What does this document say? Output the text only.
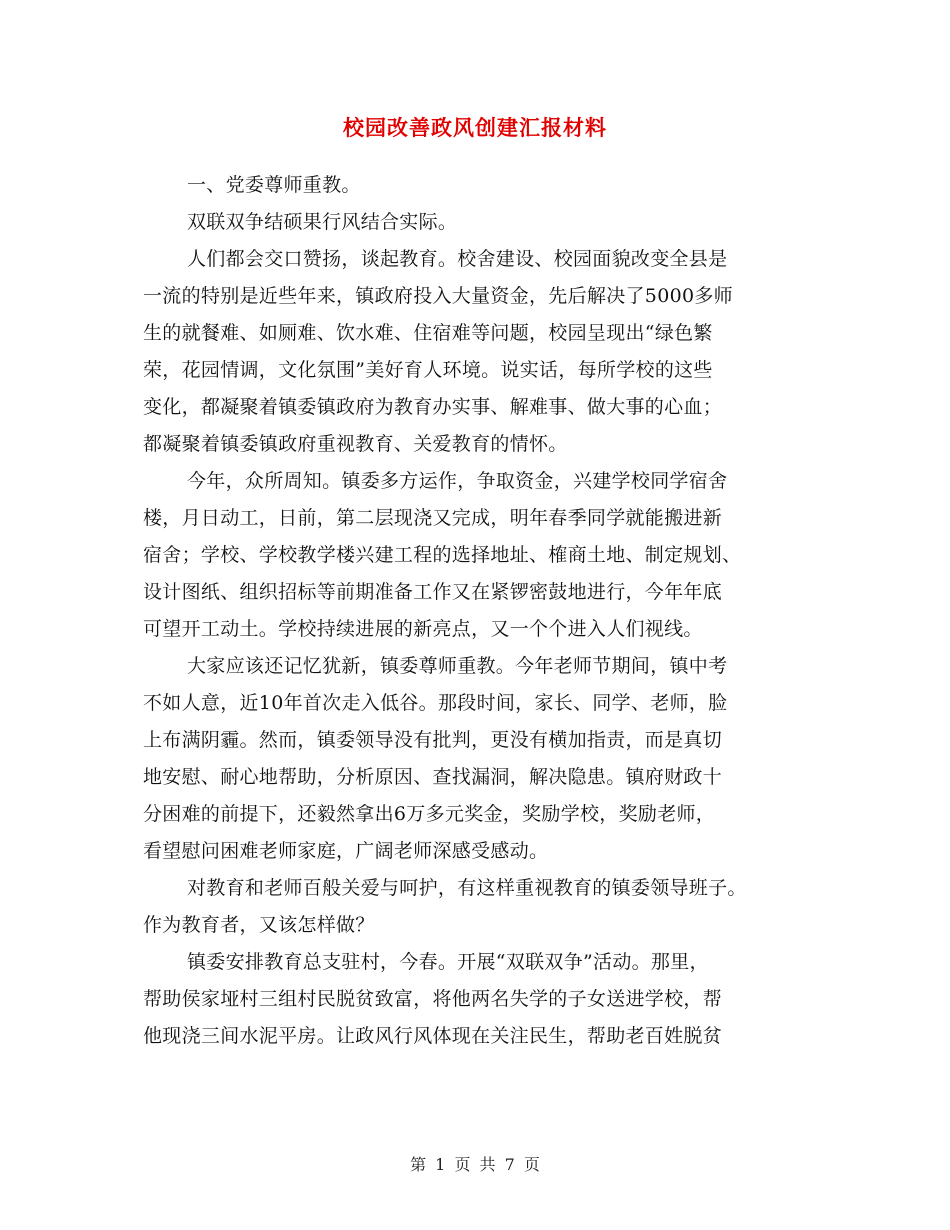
校园改善政风创建汇报材料
一、党委尊师重教。
双联双争结硕果行风结合实际。
人们都会交口赞扬，谈起教育。校舍建设、校园面貌改变全县是
一流的特别是近些年来，镇政府投入大量资金，先后解决了5000多师
生的就餐难、如厕难、饮水难、住宿难等问题，校园呈现出“绿色繁
荣，花园情调，文化氛围”美好育人环境。说实话，每所学校的这些
变化，都凝聚着镇委镇政府为教育办实事、解难事、做大事的心血；
都凝聚着镇委镇政府重视教育、关爱教育的情怀。
今年，众所周知。镇委多方运作，争取资金，兴建学校同学宿舍
楼，月日动工，日前，第二层现浇又完成，明年春季同学就能搬进新
宿舍；学校、学校教学楼兴建工程的选择地址、榷商土地、制定规划、
设计图纸、组织招标等前期准备工作又在紧锣密鼓地进行，今年年底
可望开工动土。学校持续进展的新亮点，又一个个进入人们视线。
大家应该还记忆犹新，镇委尊师重教。今年老师节期间，镇中考
不如人意，近10年首次走入低谷。那段时间，家长、同学、老师，脸
上布满阴霾。然而，镇委领导没有批判，更没有横加指责，而是真切
地安慰、耐心地帮助，分析原因、查找漏洞，解决隐患。镇府财政十
分困难的前提下，还毅然拿出6万多元奖金，奖励学校，奖励老师，
看望慰问困难老师家庭，广阔老师深感受感动。
对教育和老师百般关爱与呵护，有这样重视教育的镇委领导班子。
作为教育者，又该怎样做？
镇委安排教育总支驻村，今春。开展“双联双争”活动。那里，
帮助侯家垭村三组村民脱贫致富，将他两名失学的子女送进学校，帮
他现浇三间水泥平房。让政风行风体现在关注民生，帮助老百姓脱贫
第 1 页 共 7 页
